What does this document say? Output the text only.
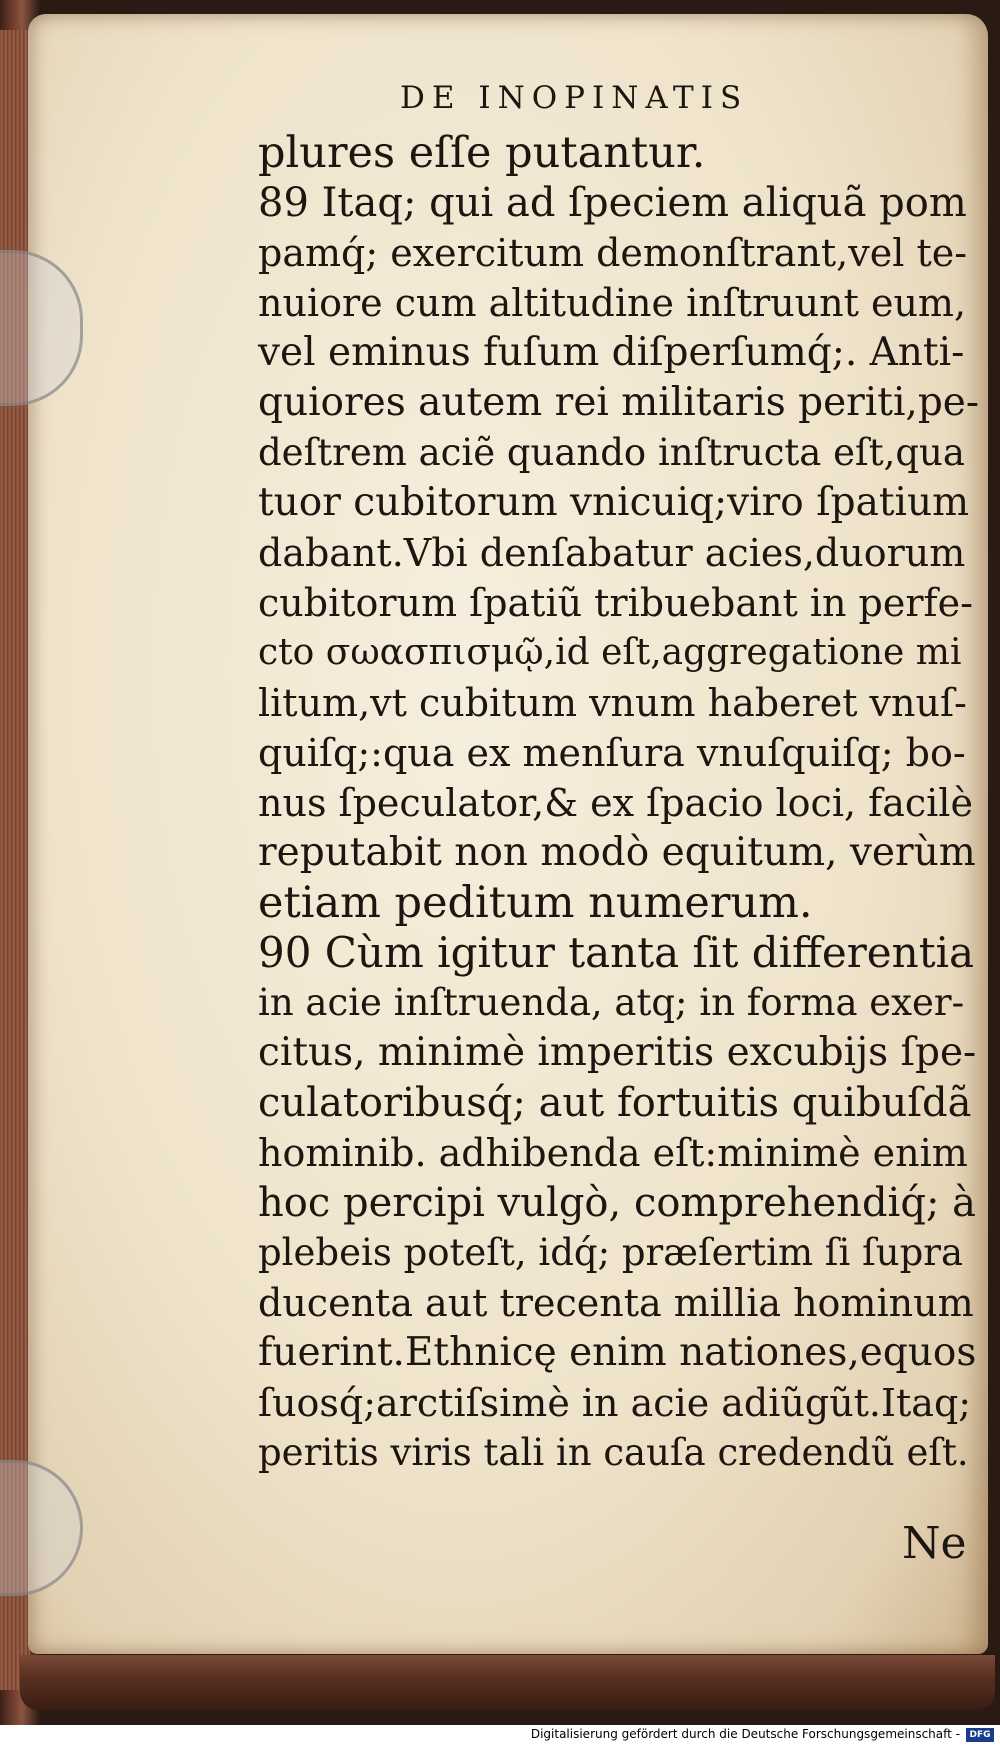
DE INOPINATIS
plures eſſe putantur.
89 Itaq; qui ad ſpeciem aliquã pom
pamq́; exercitum demonſtrant,vel te-
nuiore cum altitudine inſtruunt eum,
vel eminus fuſum diſperſumq́;. Anti-
quiores autem rei militaris periti,pe-
deſtrem aciẽ quando inſtructa eſt,qua
tuor cubitorum vnicuiq;viro ſpatium
dabant.Vbi denſabatur acies,duorum
cubitorum ſpatiũ tribuebant in perfe-
cto σωασπισμῷ,id eſt,aggregatione mi
litum,vt cubitum vnum haberet vnuſ-
quiſq;:qua ex menſura vnuſquiſq; bo-
nus ſpeculator,& ex ſpacio loci, facilè
reputabit non modò equitum, verùm
etiam peditum numerum.
90 Cùm igitur tanta ſit differentia
in acie inſtruenda, atq; in forma exer-
citus, minimè imperitis excubijs ſpe-
culatoribusq́; aut fortuitis quibuſdã
hominib. adhibenda eſt:minimè enim
hoc percipi vulgò, comprehendiq́; à
plebeis poteſt, idq́; præſertim ſi ſupra
ducenta aut trecenta millia hominum
fuerint.Ethnicę enim nationes,equos
ſuosq́;arctiſsimè in acie adiũgũt.Itaq;
peritis viris tali in cauſa credendũ eſt.
Ne
Digitalisierung gefördert durch die Deutsche Forschungsgemeinschaft -	DFG
